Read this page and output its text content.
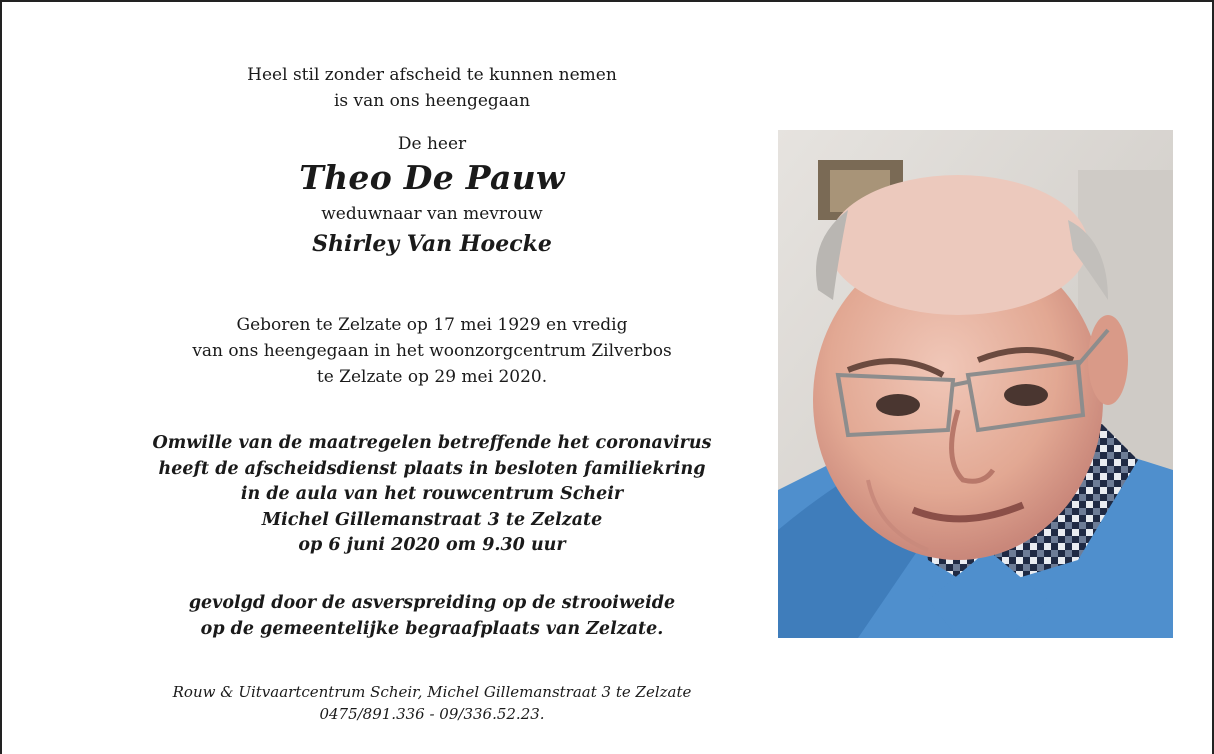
Heel stil zonder afscheid te kunnen nemen
is van ons heengegaan
De heer
Theo De Pauw
weduwnaar van mevrouw
Shirley Van Hoecke
Geboren te Zelzate op 17 mei 1929 en vredig
van ons heengegaan in het woonzorgcentrum Zilverbos
te Zelzate op 29 mei 2020.
Omwille van de maatregelen betreffende het coronavirus
heeft de afscheidsdienst plaats in besloten familiekring
in de aula van het rouwcentrum Scheir
Michel Gillemanstraat 3 te Zelzate
op 6 juni 2020 om 9.30 uur
gevolgd door de asverspreiding op de strooiweide
op de gemeentelijke begraafplaats van Zelzate.
Rouw & Uitvaartcentrum Scheir, Michel Gillemanstraat 3 te Zelzate
0475/891.336 - 09/336.52.23.
